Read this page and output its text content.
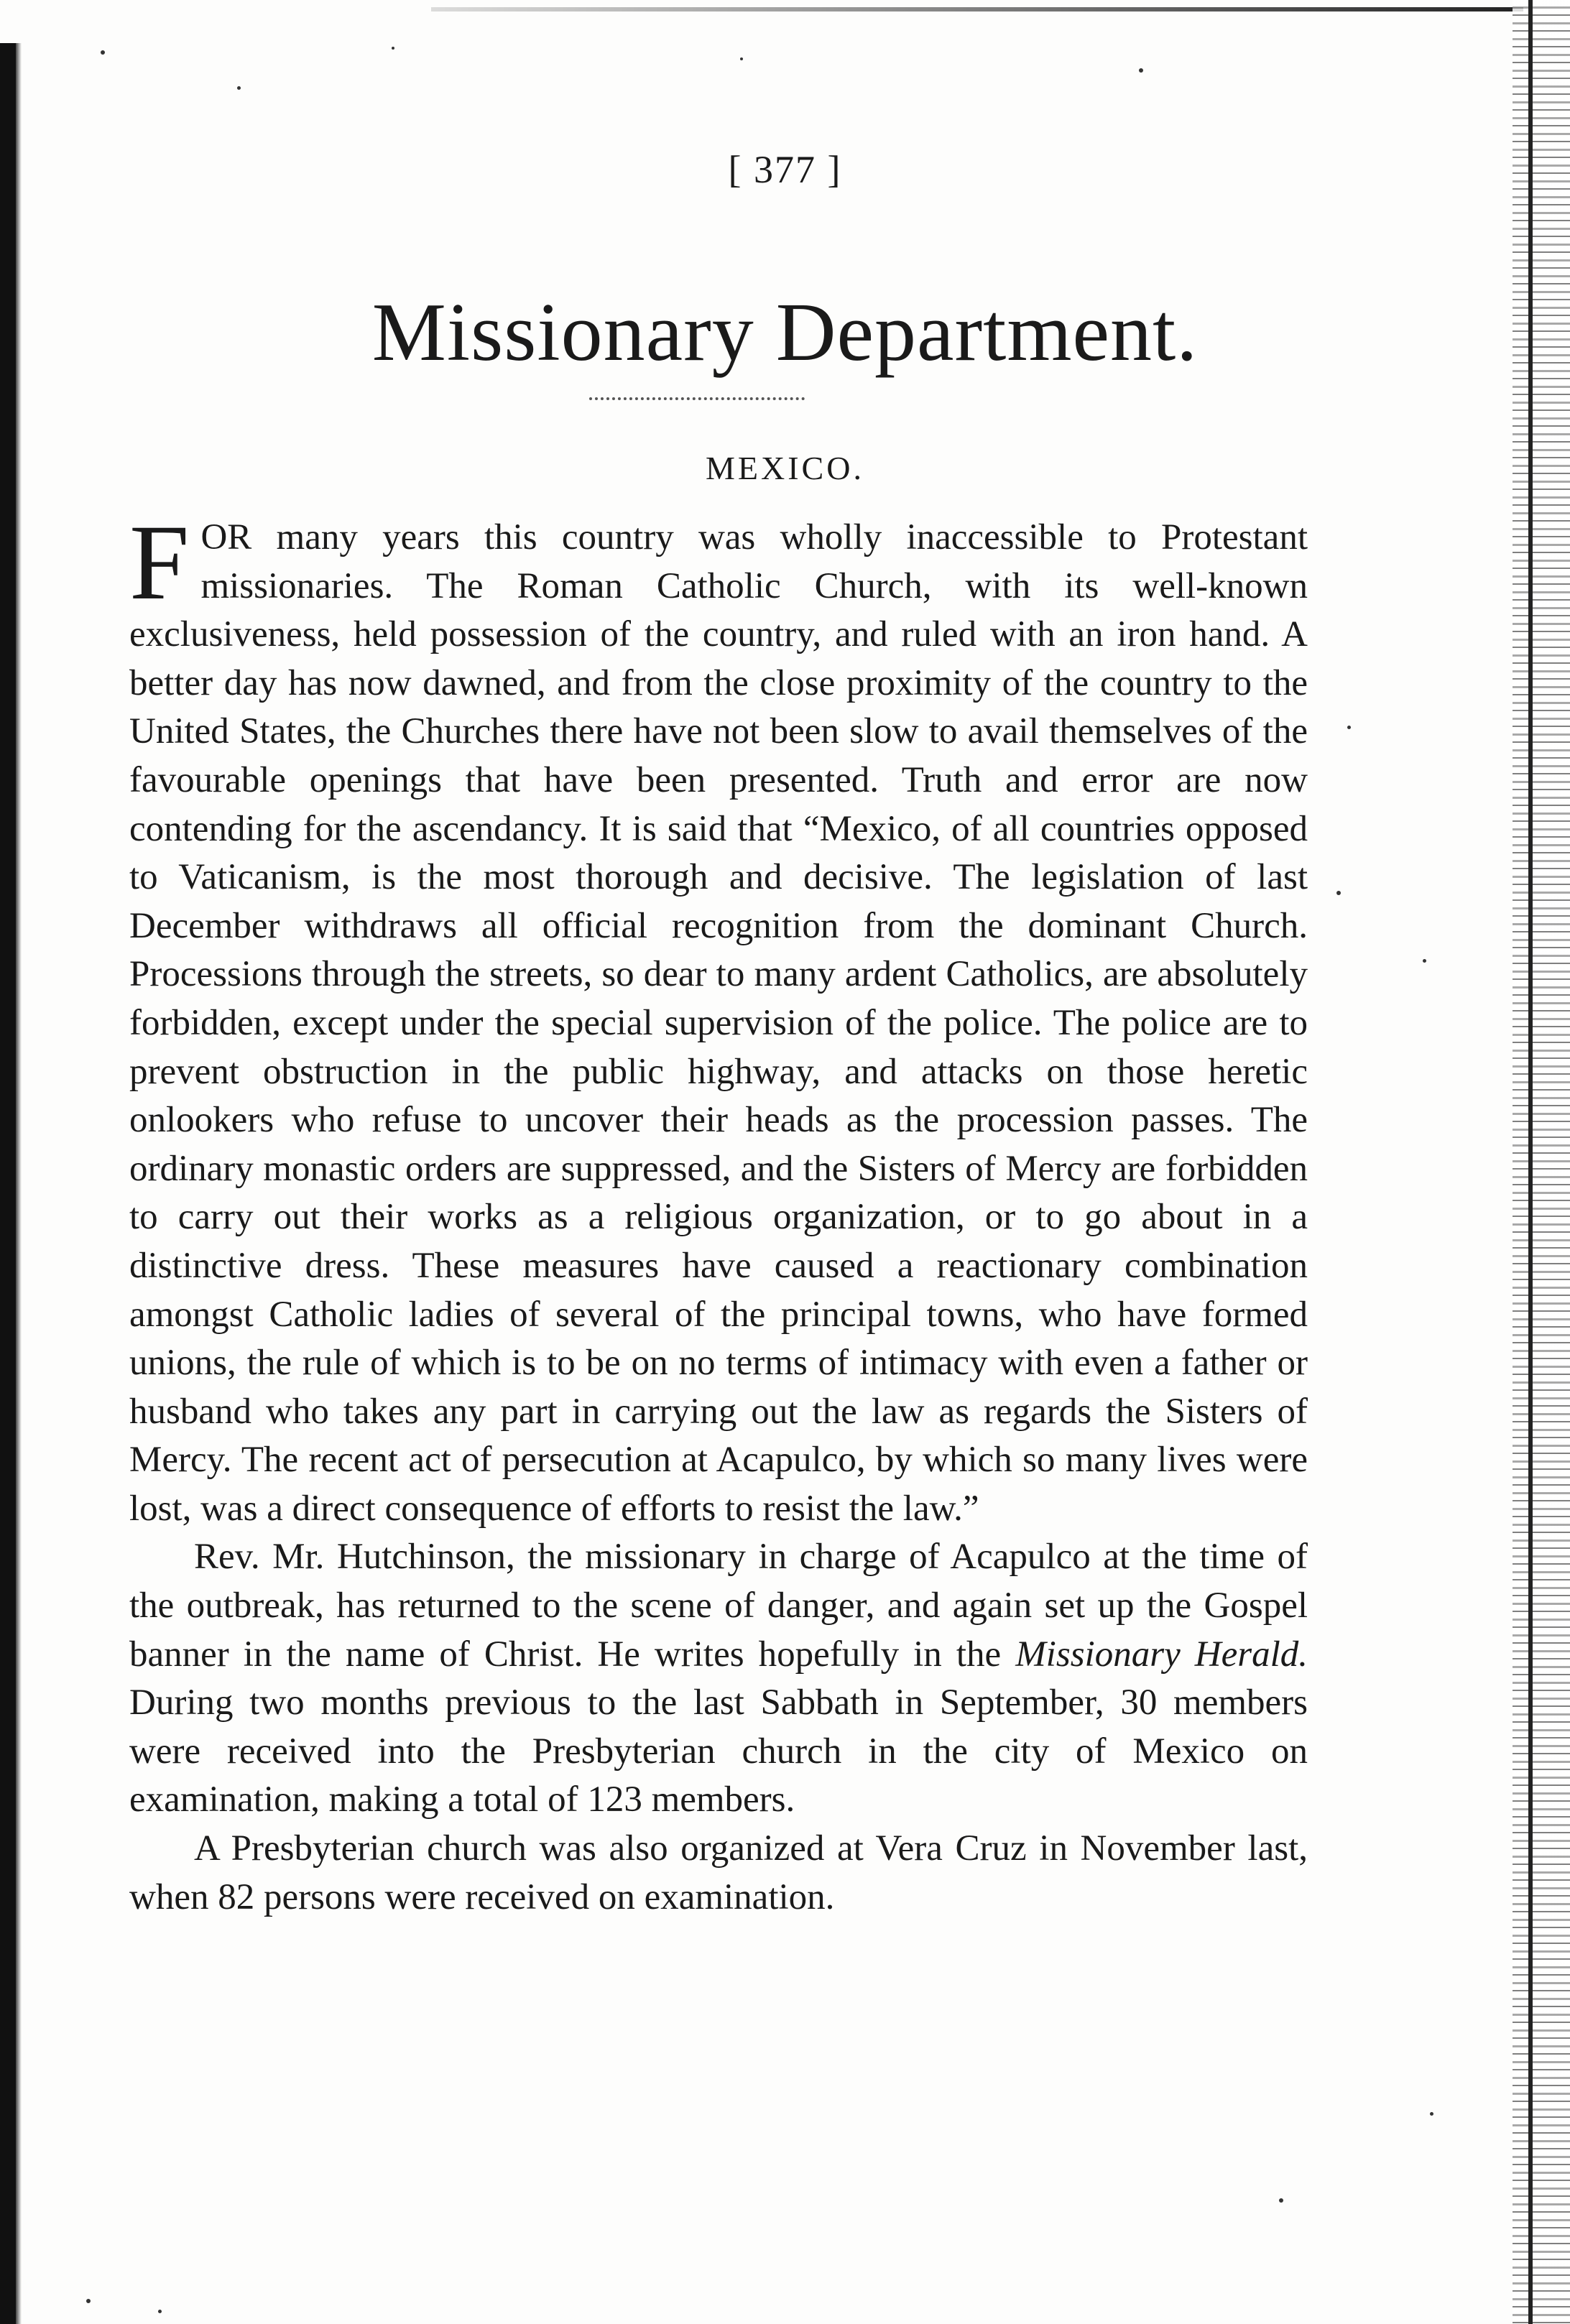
[ 377 ]
Missionary Department.
MEXICO.

FOR many years this country was wholly inaccessible to Protestant missionaries. The Roman Catholic Church, with its well-known exclusiveness, held possession of the country, and ruled with an iron hand. A better day has now dawned, and from the close proximity of the country to the United States, the Churches there have not been slow to avail themselves of the favourable openings that have been presented. Truth and error are now contending for the ascendancy. It is said that “Mexico, of all countries opposed to Vaticanism, is the most thorough and decisive. The legislation of last December withdraws all official recognition from the dominant Church. Processions through the streets, so dear to many ardent Catholics, are absolutely forbidden, except under the special supervision of the police. The police are to prevent obstruction in the public highway, and attacks on those heretic onlookers who refuse to uncover their heads as the procession passes. The ordinary monastic orders are suppressed, and the Sisters of Mercy are forbidden to carry out their works as a religious organization, or to go about in a distinctive dress. These measures have caused a reactionary combination amongst Catholic ladies of several of the principal towns, who have formed unions, the rule of which is to be on no terms of intimacy with even a father or husband who takes any part in carrying out the law as regards the Sisters of Mercy. The recent act of persecution at Acapulco, by which so many lives were lost, was a direct consequence of efforts to resist the law.”

Rev. Mr. Hutchinson, the missionary in charge of Acapulco at the time of the outbreak, has returned to the scene of danger, and again set up the Gospel banner in the name of Christ. He writes hopefully in the Missionary Herald. During two months previous to the last Sabbath in September, 30 members were received into the Presbyterian church in the city of Mexico on examination, making a total of 123 members.

A Presbyterian church was also organized at Vera Cruz in November last, when 82 persons were received on examination.
